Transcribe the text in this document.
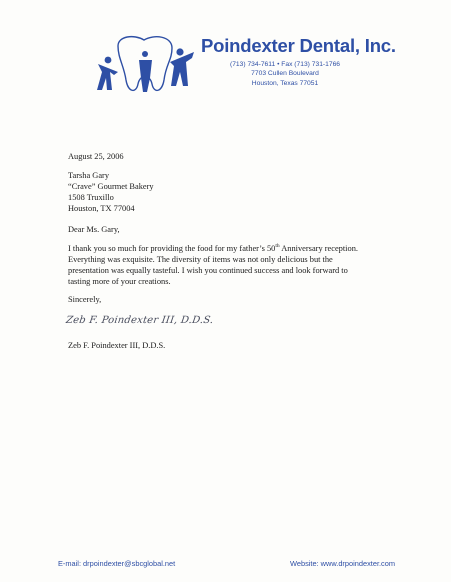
Poindexter Dental, Inc.
(713) 734-7611 • Fax (713) 731-1766
7703 Cullen Boulevard
Houston, Texas 77051
August 25, 2006
Tarsha Gary
“Crave” Gourmet Bakery
1508 Truxillo
Houston, TX 77004
Dear Ms. Gary,
I thank you so much for providing the food for my father’s 50th Anniversary reception.
Everything was exquisite. The diversity of items was not only delicious but the
presentation was equally tasteful. I wish you continued success and look forward to
tasting more of your creations.
Sincerely,
Zeb F. Poindexter III, D.D.S.
Zeb F. Poindexter III, D.D.S.
E-mail: drpoindexter@sbcglobal.net	Website: www.drpoindexter.com
